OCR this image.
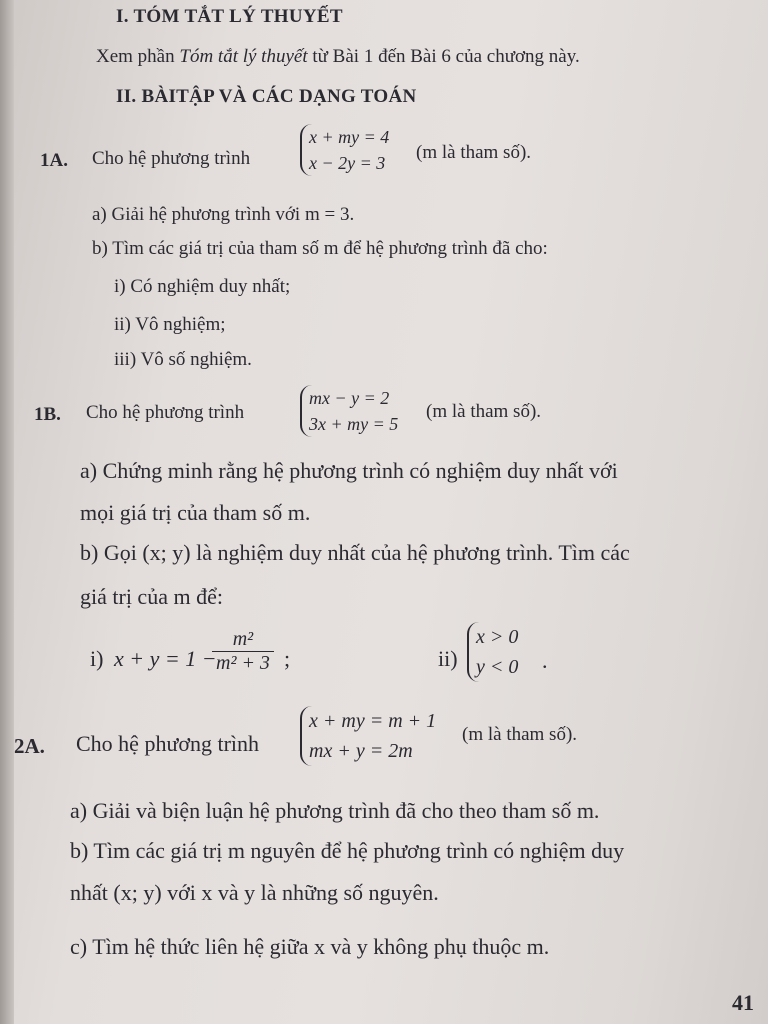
I. TÓM TẮT LÝ THUYẾT
Xem phần Tóm tắt lý thuyết từ Bài 1 đến Bài 6 của chương này.
II. BÀITẬP VÀ CÁC DẠNG TOÁN
1A. Cho hệ phương trình
x + my = 4
x − 2y = 3 (m là tham số).
a) Giải hệ phương trình với m = 3.
b) Tìm các giá trị của tham số m để hệ phương trình đã cho:
i) Có nghiệm duy nhất;
ii) Vô nghiệm;
iii) Vô số nghiệm.
1B. Cho hệ phương trình
mx − y = 2
3x + my = 5
(m là tham số).
a) Chứng minh rằng hệ phương trình có nghiệm duy nhất với
mọi giá trị của tham số m.
b) Gọi (x; y) là nghiệm duy nhất của hệ phương trình. Tìm các
giá trị của m để:
i) x + y = 1 −
$\frac{\text{m²}}{\text{m² + 3}}$ ;	ii)
x > 0
y < 0 .
2A. Cho hệ phương trình
x + my = m + 1
mx + y = 2m
(m là tham số).
a) Giải và biện luận hệ phương trình đã cho theo tham số m.
b) Tìm các giá trị m nguyên để hệ phương trình có nghiệm duy
nhất (x; y) với x và y là những số nguyên.
c) Tìm hệ thức liên hệ giữa x và y không phụ thuộc m.
41
